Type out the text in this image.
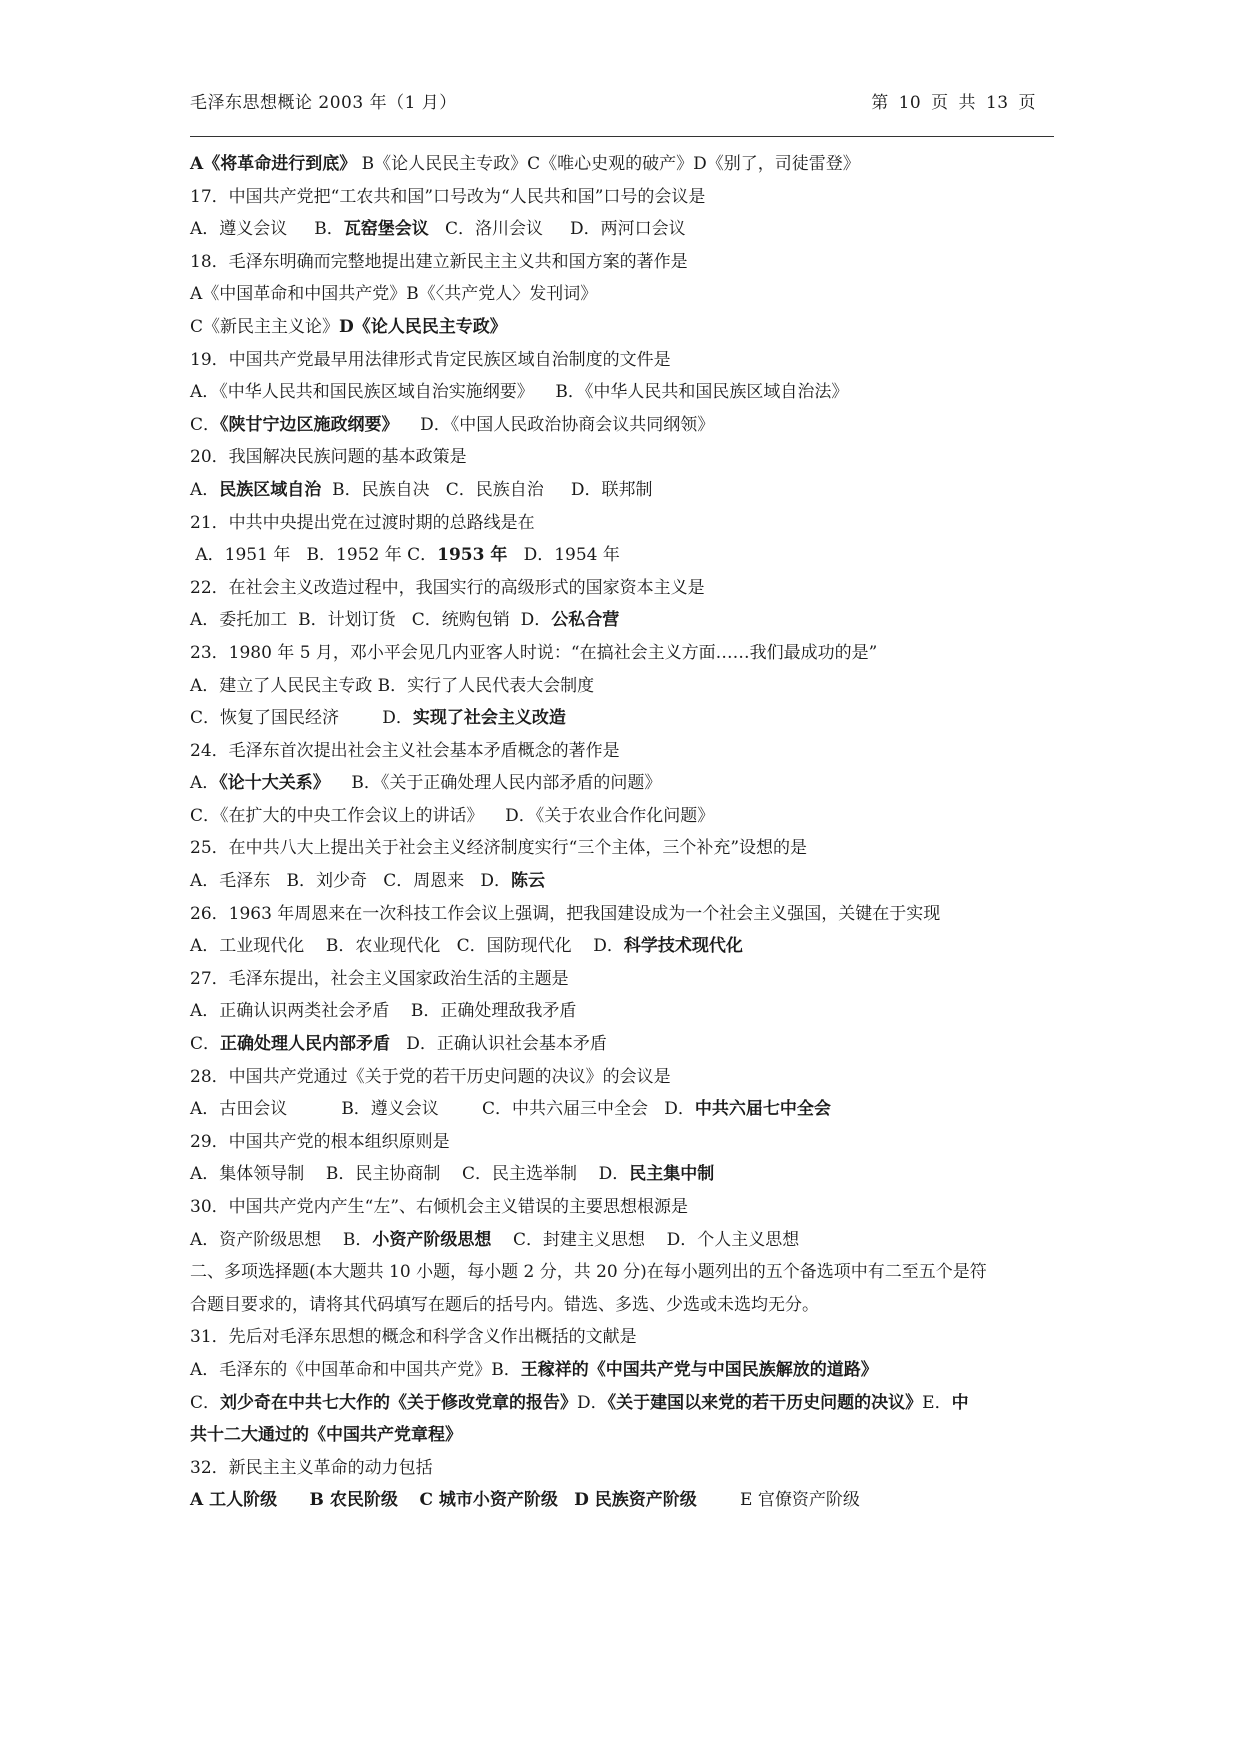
毛泽东思想概论 2003 年（1 月）	第 10 页 共 13 页
A《将革命进行到底》 B《论人民民主专政》C《唯心史观的破产》D《别了，司徒雷登》
17．中国共产党把“工农共和国”口号改为“人民共和国”口号的会议是
A．遵义会议     B．瓦窑堡会议   C．洛川会议     D．两河口会议
18．毛泽东明确而完整地提出建立新民主主义共和国方案的著作是
A《中国革命和中国共产党》B《〈共产党人〉发刊词》
C《新民主主义论》D《论人民民主专政》
19．中国共产党最早用法律形式肯定民族区域自治制度的文件是
A．《中华人民共和国民族区域自治实施纲要》    B．《中华人民共和国民族区域自治法》
C．《陕甘宁边区施政纲要》    D．《中国人民政治协商会议共同纲领》
20．我国解决民族问题的基本政策是
A．民族区域自治  B．民族自决   C．民族自治     D．联邦制
21．中共中央提出党在过渡时期的总路线是在
A．1951 年   B．1952 年 C．1953 年   D．1954 年
22．在社会主义改造过程中，我国实行的高级形式的国家资本主义是
A．委托加工  B．计划订货   C．统购包销  D．公私合营
23．1980 年 5 月，邓小平会见几内亚客人时说：“在搞社会主义方面……我们最成功的是”
A．建立了人民民主专政 B．实行了人民代表大会制度
C．恢复了国民经济        D．实现了社会主义改造
24．毛泽东首次提出社会主义社会基本矛盾概念的著作是
A．《论十大关系》    B．《关于正确处理人民内部矛盾的问题》
C．《在扩大的中央工作会议上的讲话》    D．《关于农业合作化问题》
25．在中共八大上提出关于社会主义经济制度实行“三个主体，三个补充”设想的是
A．毛泽东   B．刘少奇   C．周恩来   D．陈云
26．1963 年周恩来在一次科技工作会议上强调，把我国建设成为一个社会主义强国，关键在于实现
A．工业现代化    B．农业现代化   C．国防现代化    D．科学技术现代化
27．毛泽东提出，社会主义国家政治生活的主题是
A．正确认识两类社会矛盾    B．正确处理敌我矛盾
C．正确处理人民内部矛盾   D．正确认识社会基本矛盾
28．中国共产党通过《关于党的若干历史问题的决议》的会议是
A．古田会议          B．遵义会议        C．中共六届三中全会   D．中共六届七中全会
29．中国共产党的根本组织原则是
A．集体领导制    B．民主协商制    C．民主选举制    D．民主集中制
30．中国共产党内产生“左”、右倾机会主义错误的主要思想根源是
A．资产阶级思想    B．小资产阶级思想    C．封建主义思想    D．个人主义思想
二、多项选择题(本大题共 10 小题，每小题 2 分，共 20 分)在每小题列出的五个备选项中有二至五个是符
合题目要求的，请将其代码填写在题后的括号内。错选、多选、少选或未选均无分。
31．先后对毛泽东思想的概念和科学含义作出概括的文献是
A．毛泽东的《中国革命和中国共产党》B．王稼祥的《中国共产党与中国民族解放的道路》
C．刘少奇在中共七大作的《关于修改党章的报告》D．《关于建国以来党的若干历史问题的决议》E．中
共十二大通过的《中国共产党章程》
32．新民主主义革命的动力包括
A 工人阶级 B 农民阶级 C 城市小资产阶级 D 民族资产阶级        E 官僚资产阶级
